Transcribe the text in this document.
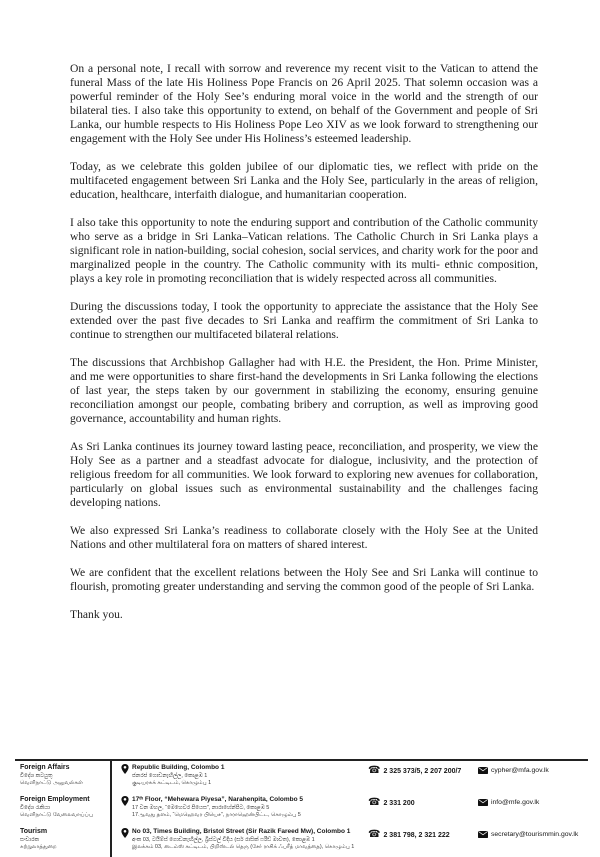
On a personal note, I recall with sorrow and reverence my recent visit to the Vatican to attend the funeral Mass of the late His Holiness Pope Francis on 26 April 2025. That solemn occasion was a powerful reminder of the Holy See’s enduring moral voice in the world and the strength of our bilateral ties. I also take this opportunity to extend, on behalf of the Government and people of Sri Lanka, our humble respects to His Holiness Pope Leo XIV as we look forward to strengthening our engagement with the Holy See under His Holiness’s esteemed leadership.

Today, as we celebrate this golden jubilee of our diplomatic ties, we reflect with pride on the multifaceted engagement between Sri Lanka and the Holy See, particularly in the areas of religion, education, healthcare, interfaith dialogue, and humanitarian cooperation.

I also take this opportunity to note the enduring support and contribution of the Catholic community who serve as a bridge in Sri Lanka–Vatican relations. The Catholic Church in Sri Lanka plays a significant role in nation-building, social cohesion, social services, and charity work for the poor and marginalized people in the country. The Catholic community with its multi- ethnic composition, plays a key role in promoting reconciliation that is widely respected across all communities.

During the discussions today, I took the opportunity to appreciate the assistance that the Holy See extended over the past five decades to Sri Lanka and reaffirm the commitment of Sri Lanka to continue to strengthen our multifaceted bilateral relations.

The discussions that Archbishop Gallagher had with H.E. the President, the Hon. Prime Minister, and me were opportunities to share first-hand the developments in Sri Lanka following the elections of last year, the steps taken by our government in stabilizing the economy, ensuring genuine reconciliation amongst our people, combating bribery and corruption, as well as improving good governance, accountability and human rights.

As Sri Lanka continues its journey toward lasting peace, reconciliation, and prosperity, we view the Holy See as a partner and a steadfast advocate for dialogue, inclusivity, and the protection of religious freedom for all communities. We look forward to exploring new avenues for collaboration, particularly on global issues such as environmental sustainability and the challenges facing developing nations.

We also expressed Sri Lanka’s readiness to collaborate closely with the Holy See at the United Nations and other multilateral fora on matters of shared interest.

We are confident that the excellent relations between the Holy See and Sri Lanka will continue to flourish, promoting greater understanding and serving the common good of the people of Sri Lanka.

Thank you.

Foreign Affairs
විදේශ කටයුතු
வெளிநாட்டு அலுவல்கள்
Republic Building, Colombo 1
ජනරජ ගොඩනැඟිල්ල, කොළඹ 1
குடியரசுக் கட்டிடம், கொழும்பு 1
☎ 2 325 373/5, 2 207 200/7	cypher@mfa.gov.lk
Foreign Employment
විදේශ රැකියා
வெளிநாட்டு வேலைவாய்ப்பு
17ᵗʰ Floor, “Mehewara Piyesa”, Narahenpita, Colombo 5
17 වන මහල, “මෙහෙවර පියෙස”, නාරාහේන්පිට, කොළඹ 5
17ஆவது தளம், “மெஹெவர பியெச”, நாராஹென்பிட்ட, கொழும்பு 5
☎ 2 331 200	info@mfe.gov.lk
Tourism
සංචාරක
சுற்றுலாத்துறை
No 03, Times Building, Bristol Street (Sir Razik Fareed Mw), Colombo 1
අංක 03, ටයිම්ස් ගොඩනැඟිල්ල, බ්‍රිස්ටල් වීදිය (සර් රාසික් ෆරීඩ් මාවත), කොළඹ 1
இலக்கம் 03, டைம்ஸ் கட்டிடம், பிறிஸ்டல் தெரு (சேர் ராசிக் ஃபரீத் மாவத்தை), கொழும்பு 1
☎ 2 381 798, 2 321 222	secretary@tourismmin.gov.lk
